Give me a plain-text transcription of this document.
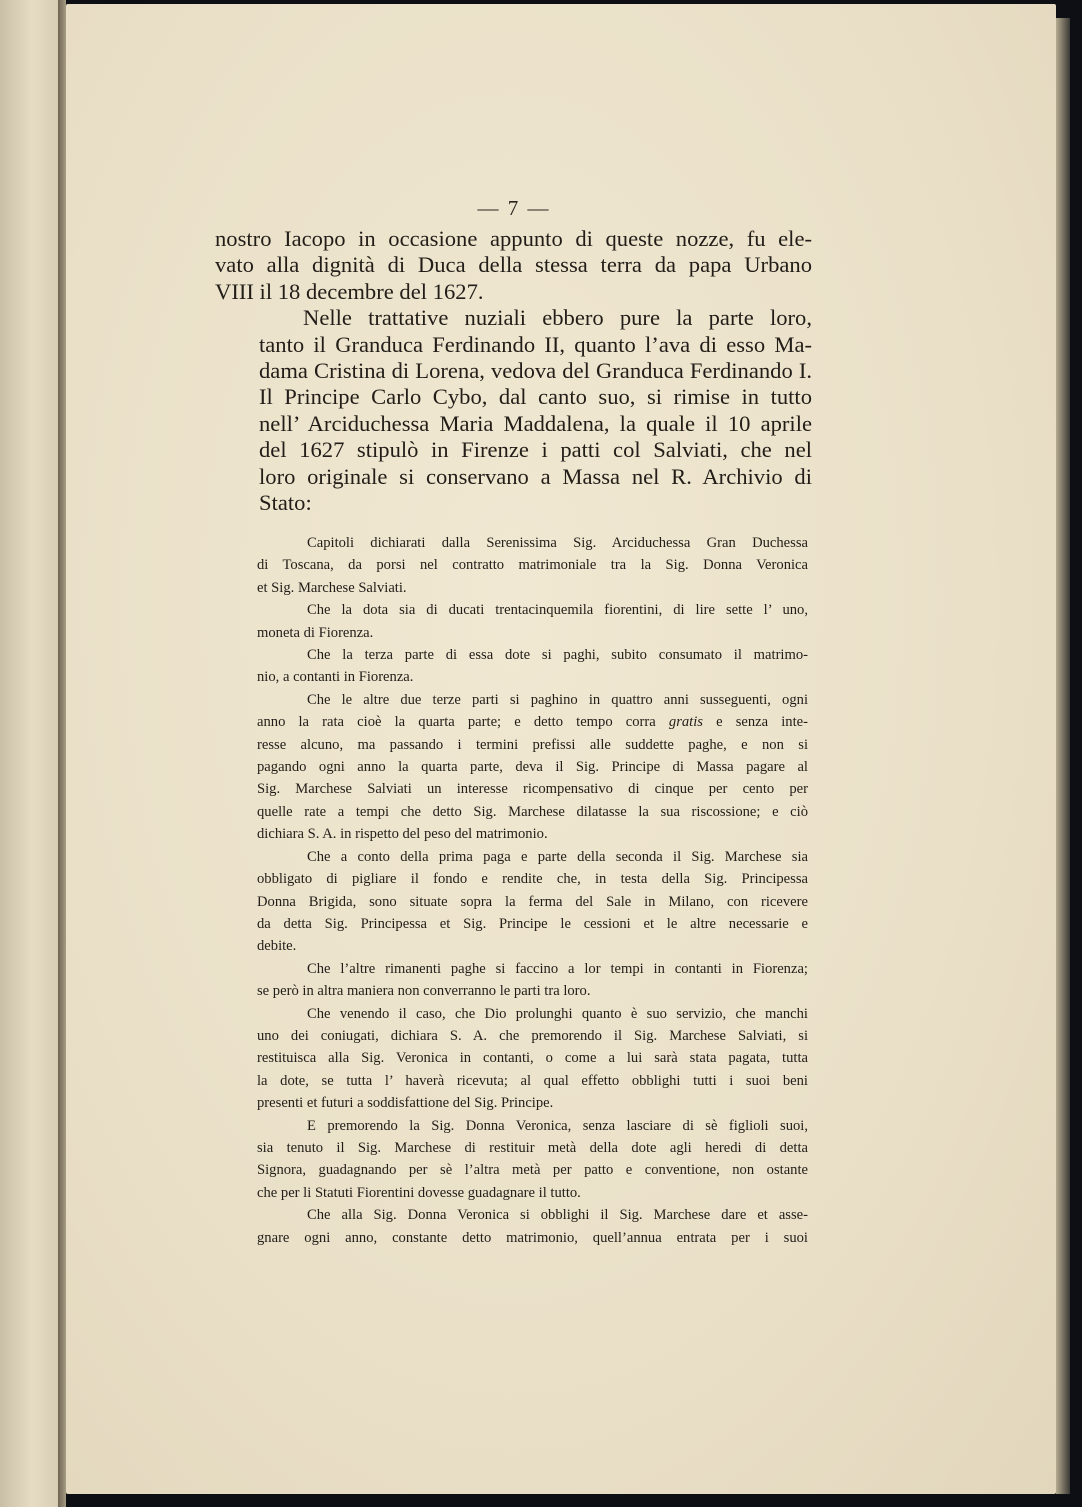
— 7 —

nostro Iacopo in occasione appunto di queste nozze, fu ele-
vato alla dignità di Duca della stessa terra da papa Urbano
VIII il 18 decembre del 1627.

Nelle trattative nuziali ebbero pure la parte loro,
tanto il Granduca Ferdinando II, quanto l’ava di esso Ma-
dama Cristina di Lorena, vedova del Granduca Ferdinando I.
Il Principe Carlo Cybo, dal canto suo, si rimise in tutto
nell’ Arciduchessa Maria Maddalena, la quale il 10 aprile
del 1627 stipulò in Firenze i patti col Salviati, che nel
loro originale si conservano a Massa nel R. Archivio di
Stato:

Capitoli dichiarati dalla Serenissima Sig. Arciduchessa Gran Duchessa
di Toscana, da porsi nel contratto matrimoniale tra la Sig. Donna Veronica
et Sig. Marchese Salviati.

Che la dota sia di ducati trentacinquemila fiorentini, di lire sette l’ uno,
moneta di Fiorenza.

Che la terza parte di essa dote si paghi, subito consumato il matrimo-
nio, a contanti in Fiorenza.

Che le altre due terze parti si paghino in quattro anni susseguenti, ogni
anno la rata cioè la quarta parte; e detto tempo corra gratis e senza inte-
resse alcuno, ma passando i termini prefissi alle suddette paghe, e non si
pagando ogni anno la quarta parte, deva il Sig. Principe di Massa pagare al
Sig. Marchese Salviati un interesse ricompensativo di cinque per cento per
quelle rate a tempi che detto Sig. Marchese dilatasse la sua riscossione; e ciò
dichiara S. A. in rispetto del peso del matrimonio.

Che a conto della prima paga e parte della seconda il Sig. Marchese sia
obbligato di pigliare il fondo e rendite che, in testa della Sig. Principessa
Donna Brigida, sono situate sopra la ferma del Sale in Milano, con ricevere
da detta Sig. Principessa et Sig. Principe le cessioni et le altre necessarie e
debite.

Che l’altre rimanenti paghe si faccino a lor tempi in contanti in Fiorenza;
se però in altra maniera non converranno le parti tra loro.

Che venendo il caso, che Dio prolunghi quanto è suo servizio, che manchi
uno dei coniugati, dichiara S. A. che premorendo il Sig. Marchese Salviati, si
restituisca alla Sig. Veronica in contanti, o come a lui sarà stata pagata, tutta
la dote, se tutta l’ haverà ricevuta; al qual effetto obblighi tutti i suoi beni
presenti et futuri a soddisfattione del Sig. Principe.

E premorendo la Sig. Donna Veronica, senza lasciare di sè figlioli suoi,
sia tenuto il Sig. Marchese di restituir metà della dote agli heredi di detta
Signora, guadagnando per sè l’altra metà per patto e conventione, non ostante
che per li Statuti Fiorentini dovesse guadagnare il tutto.

Che alla Sig. Donna Veronica si obblighi il Sig. Marchese dare et asse-
gnare ogni anno, constante detto matrimonio, quell’annua entrata per i suoi
